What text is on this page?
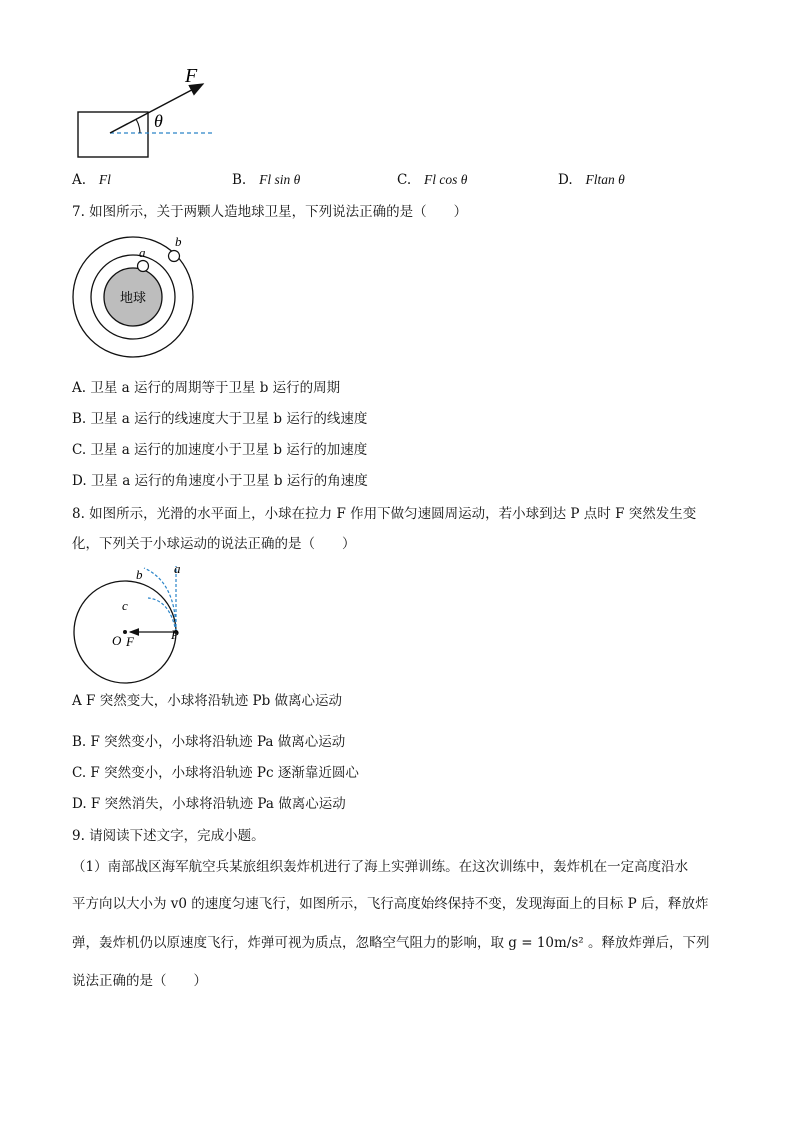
F
θ
A. Fl	B. Fl sin θ	C. Fl cos θ	D. Fltan θ
7. 如图所示，关于两颗人造地球卫星，下列说法正确的是（　　）
地球
a
b
A. 卫星 a 运行的周期等于卫星 b 运行的周期
B. 卫星 a 运行的线速度大于卫星 b 运行的线速度
C. 卫星 a 运行的加速度小于卫星 b 运行的加速度
D. 卫星 a 运行的角速度小于卫星 b 运行的角速度
8. 如图所示，光滑的水平面上，小球在拉力 F 作用下做匀速圆周运动，若小球到达 P 点时 F 突然发生变
化，下列关于小球运动的说法正确的是（　　）
a
b
c
O F	P
A F 突然变大，小球将沿轨迹 Pb 做离心运动
B. F 突然变小，小球将沿轨迹 Pa 做离心运动
C. F 突然变小，小球将沿轨迹 Pc 逐渐靠近圆心
D. F 突然消失，小球将沿轨迹 Pa 做离心运动
9. 请阅读下述文字，完成小题。
（1）南部战区海军航空兵某旅组织轰炸机进行了海上实弹训练。在这次训练中，轰炸机在一定高度沿水
平方向以大小为 v0 的速度匀速飞行，如图所示，飞行高度始终保持不变，发现海面上的目标 P 后，释放炸
弹，轰炸机仍以原速度飞行，炸弹可视为质点，忽略空气阻力的影响，取 g = 10m/s² 。释放炸弹后，下列
说法正确的是（　　）
